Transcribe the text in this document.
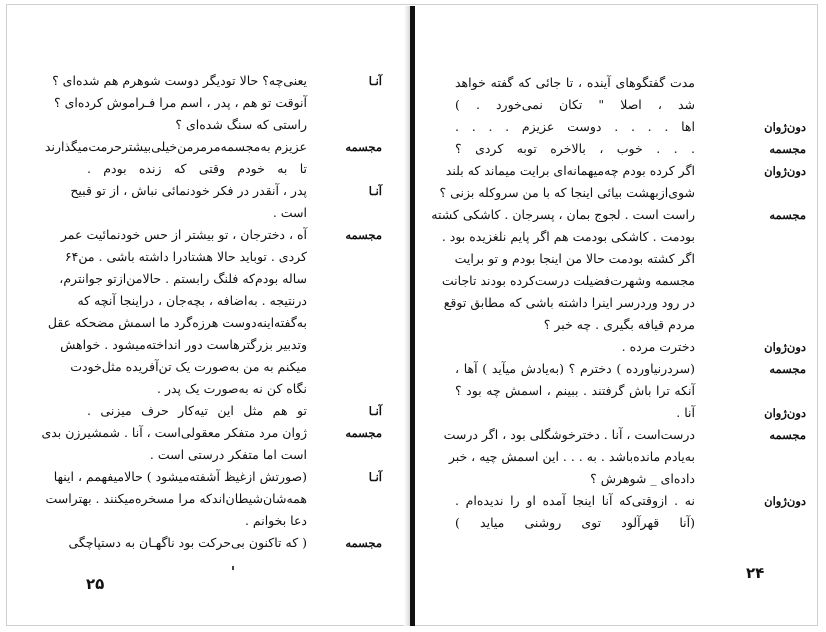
آنـا
یعنی‌چه؟ حالا تودیگر دوست شوهرم هم شده‌ای ؟
آنوقت تو هم ، پدر ، اسم مرا فـراموش کرده‌ای ؟
راستی که سنگ شده‌ای ؟
مجسمه
عزیزم بەمجسمەمرمرمن‌خیلی‌بیشترحرمت‌میگذارند
تا به خودم وقتی که زنده بودم .
آنـا
پدر ، آنقدر در فکر خودنمائی نباش ، از تو قبیح
است .
مجسمه
آه ، دخترجان ، تو بیشتر از حس خودنمائیت عمر
کردی . توباید حالا هشتادرا داشته باشی . من۶۴
ساله بودم‌که فلنگ رابستم . حالامن‌ازتو جوانترم،
درنتیجه . بەاضافه ، بچەجان ، دراینجا آنچه که
به‌گفته‌اینەدوست هرزەگرد ما اسمش مضحکه عقل
وتدبیر بزرگترهاست دور انداختەمیشود . خواهش
میکنم به من بەصورت یک تن‌آفریده مثل‌خودت
نگاه کن نه بەصورت یک پدر .
آنـا
تو هم مثل این تیەکار حرف میزنی .
مجسمه
ژوان مرد متفکر معقولی‌است ، آنا . شمشیرزن بدی
است اما متفکر درستی است .
آنـا
(صورتش ازغیظ آشفته‌میشود ) حالامیفهمم ، اینها
همه‌شان‌شیطان‌اندکه مرا مسخره‌میکنند . بهتراست
دعا بخوانم .
مجسمه
( که تاکنون بی‌حرکت بود ناگهـان به دستپاچگی
۲۵
مدت گفتگوهای آینده ، تا جائی که گفته خواهد
شد ، اصلا " تکان نمی‌خورد . )
دون‌ژوان
اها . . . . دوست عزیزم . . . .
مجسمه
. . . خوب ، بالاخره توبه کردی ؟
دون‌ژوان
اگر کرده بودم چەمیهمانه‌ای برایت میماند که بلند
شوی‌ازبهشت بیائی اینجا که با من سروکله بزنی ؟
مجسمه
راست است . لجوج بمان ، پسرجان . کاشکی کشته
بودمت . کاشکی بودمت هم اگر پایم نلغزیده بود .
اگر کشته بودمت حالا من اینجا بودم و تو برایت
مجسمه وشهرت‌فضیلت درست‌کرده بودند تاجانت
در رود وردرسر اینرا داشته باشی که مطابق توقع
مردم قیافه بگیری . چه خبر ؟
دون‌ژوان
دخترت مرده .
مجسمه
(سردرنیاورده ) دخترم ؟ (بەیادش میآید ) آها ،
آنکه ترا باش گرفتند . ببینم ، اسمش چه بود ؟
دون‌ژوان
آنا .
مجسمه
درست‌است ، آنا . دخترخوشگلی بود ، اگر درست
بەیادم مانده‌باشد . به . . . این اسمش چیه ، خبر
داده‌ای _ شوهرش ؟
دون‌ژوان
نه . ازوقتی‌که آنا اینجا آمده او را ندیده‌ام .
(آنا قهرآلود توی روشنی میاید )
۲۴
